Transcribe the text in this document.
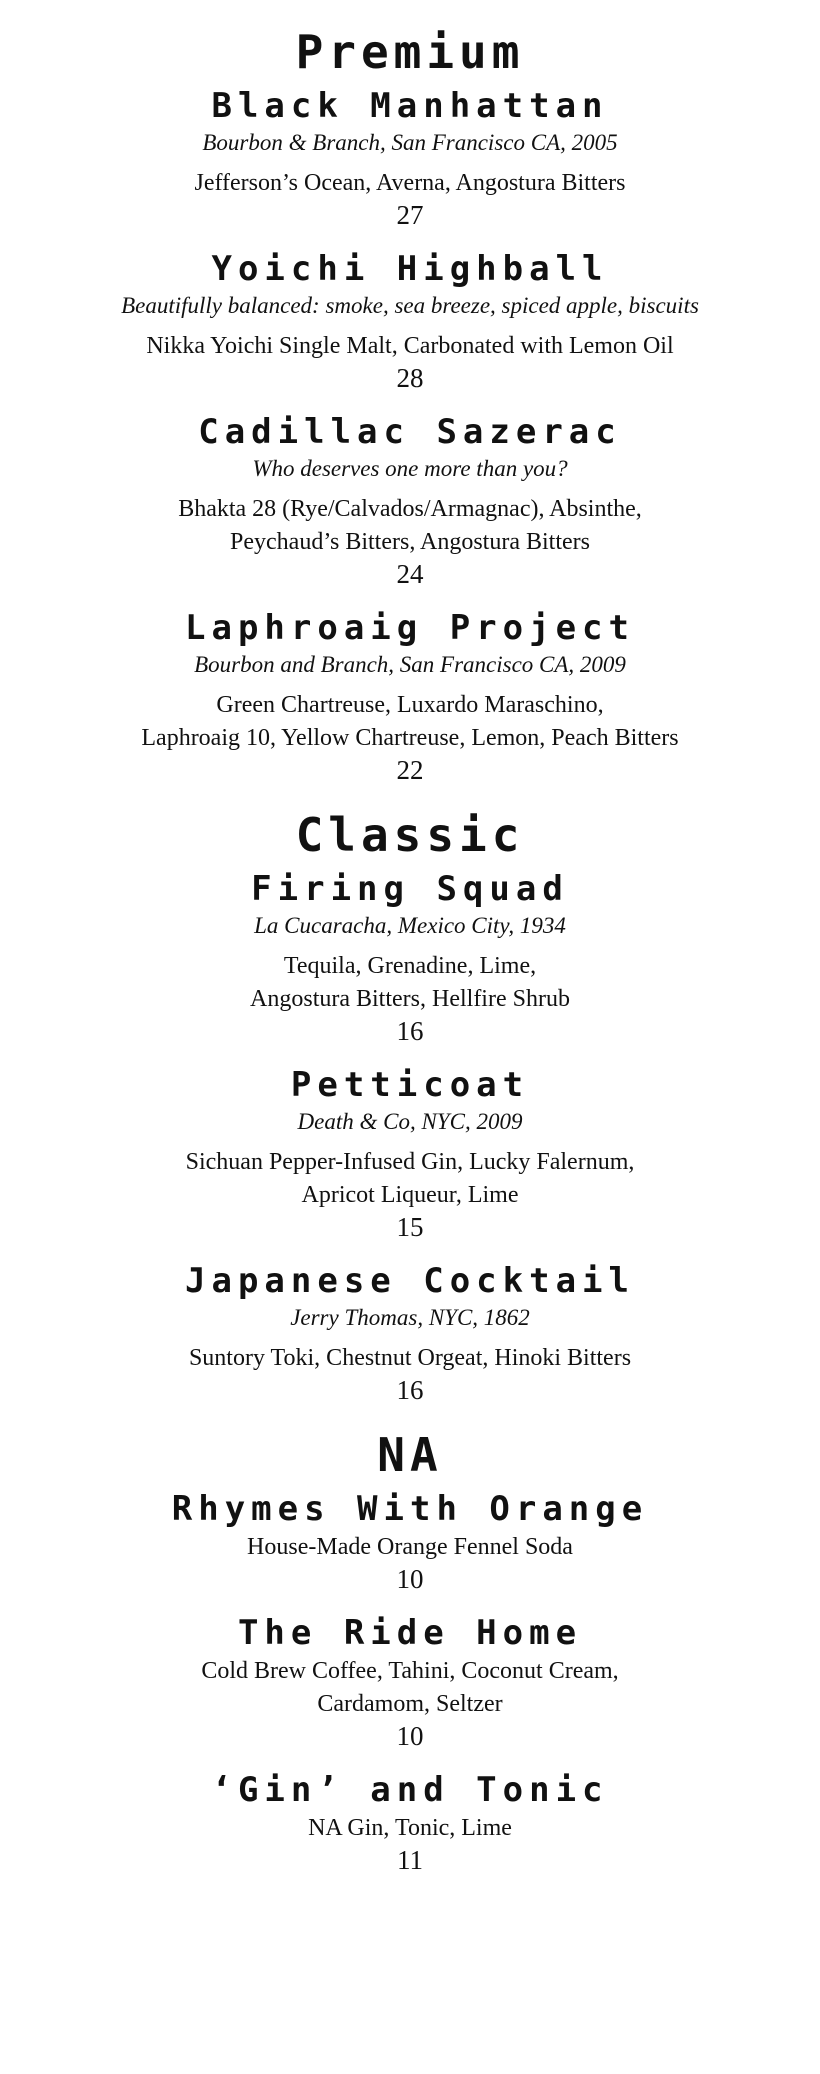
Premium
Black Manhattan
Bourbon & Branch, San Francisco CA, 2005
Jefferson’s Ocean, Averna, Angostura Bitters
27
Yoichi Highball
Beautifully balanced: smoke, sea breeze, spiced apple, biscuits
Nikka Yoichi Single Malt, Carbonated with Lemon Oil
28
Cadillac Sazerac
Who deserves one more than you?
Bhakta 28 (Rye/Calvados/Armagnac), Absinthe,
Peychaud’s Bitters, Angostura Bitters
24
Laphroaig Project
Bourbon and Branch, San Francisco CA, 2009
Green Chartreuse, Luxardo Maraschino,
Laphroaig 10, Yellow Chartreuse, Lemon, Peach Bitters
22
Classic
Firing Squad
La Cucaracha, Mexico City, 1934
Tequila, Grenadine, Lime,
Angostura Bitters, Hellfire Shrub
16
Petticoat
Death & Co, NYC, 2009
Sichuan Pepper-Infused Gin, Lucky Falernum,
Apricot Liqueur, Lime
15
Japanese Cocktail
Jerry Thomas, NYC, 1862
Suntory Toki, Chestnut Orgeat, Hinoki Bitters
16
NA
Rhymes With Orange
House-Made Orange Fennel Soda
10
The Ride Home
Cold Brew Coffee, Tahini, Coconut Cream,
Cardamom, Seltzer
10
‘Gin’ and Tonic
NA Gin, Tonic, Lime
11
